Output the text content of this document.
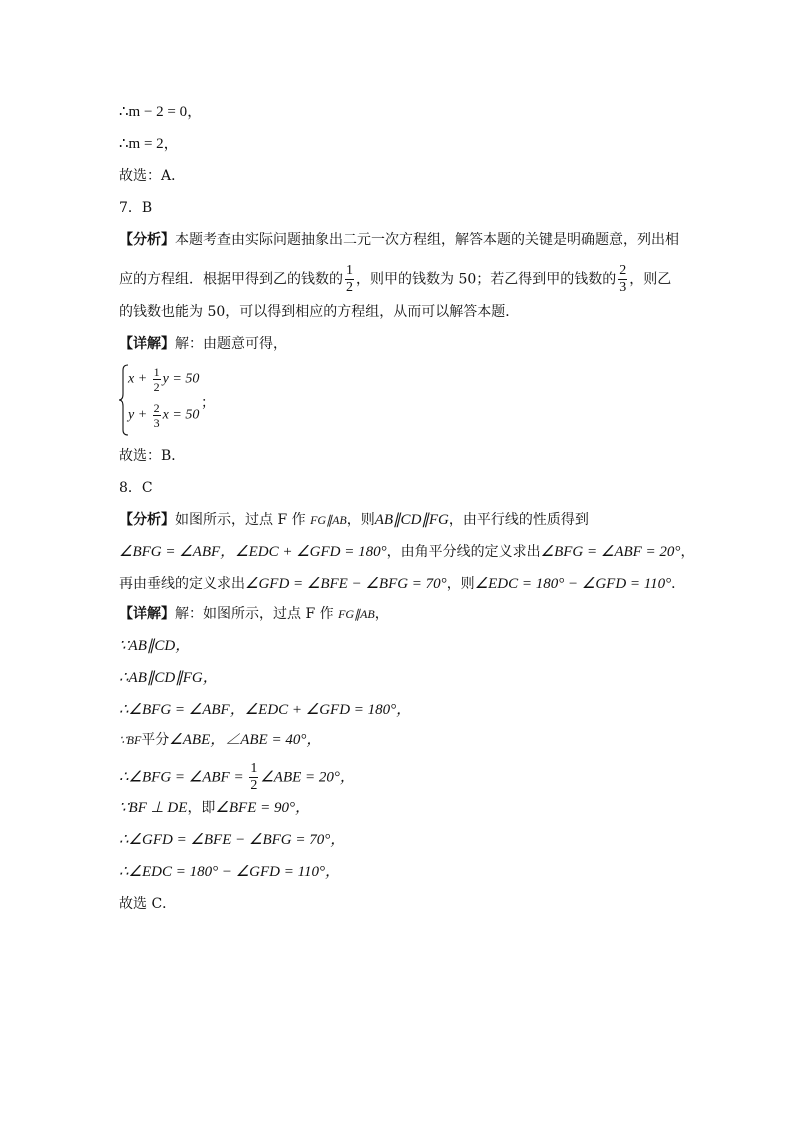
∴m − 2 = 0，
∴m = 2，
故选：A．
7．B
【分析】本题考查由实际问题抽象出二元一次方程组，解答本题的关键是明确题意，列出相
应的方程组．根据甲得到乙的钱数的 $\frac{1}{2}$ ，则甲的钱数为 50；若乙得到甲的钱数的 $\frac{2}{3}$ ，则乙
的钱数也能为 50，可以得到相应的方程组，从而可以解答本题．
【详解】解：由题意可得，
$x + \frac{1}{2}$ y = 50
$y + \frac{2}{3}$ x = 50
；
故选：B．
8．C
【分析】如图所示，过点 F 作 FG∥AB，则AB∥CD∥FG，由平行线的性质得到
∠BFG = ∠ABF，∠EDC + ∠GFD = 180°，由角平分线的定义求出∠BFG = ∠ABF = 20°，
再由垂线的定义求出∠GFD = ∠BFE − ∠BFG = 70°，则∠EDC = 180° − ∠GFD = 110°．
【详解】解：如图所示，过点 F 作 FG∥AB，
∵AB∥CD，
∴AB∥CD∥FG，
∴∠BFG = ∠ABF，∠EDC + ∠GFD = 180°，
∵BF平分∠ABE，∠ABE = 40°，
∴∠BFG = ∠ABF = $\frac{1}{2}$ ∠ABE = 20°，
∵BF ⊥ DE，即∠BFE = 90°，
∴∠GFD = ∠BFE − ∠BFG = 70°，
∴∠EDC = 180° − ∠GFD = 110°，
故选 C．
